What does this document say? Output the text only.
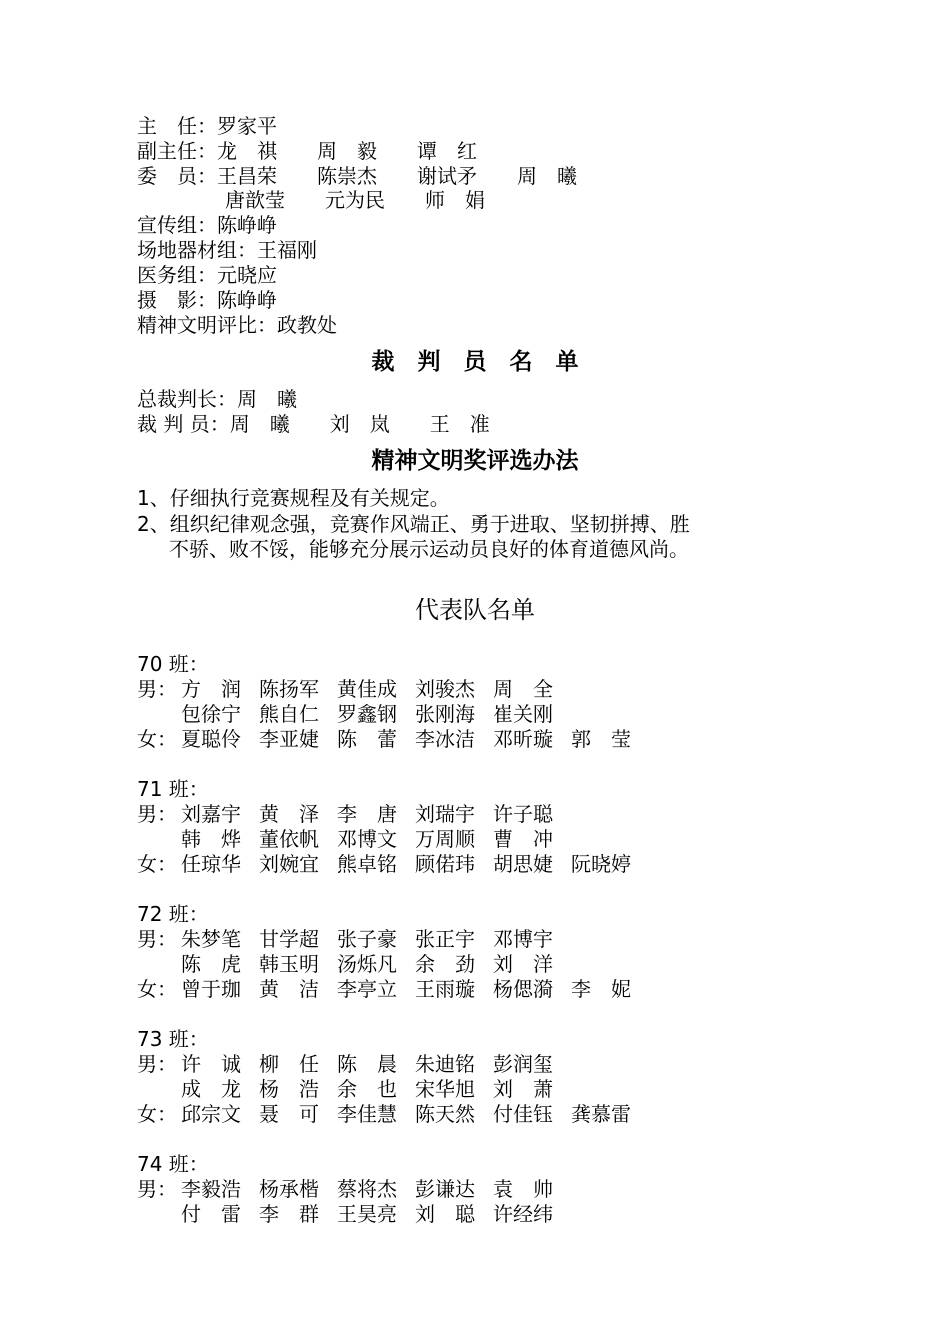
主　任：罗家平
副主任：龙　祺　　周　毅　　谭　红
委　员：王昌荣　　陈崇杰　　谢试矛　　周　曦
唐歆莹　　元为民　　师　娟
宣传组：陈峥峥
场地器材组：王福刚
医务组：元晓应
摄　影：陈峥峥
精神文明评比：政教处
裁　判　员　名　单
总裁判长：周　曦
裁 判 员：周　曦　　刘　岚　　王　准
精神文明奖评选办法
1、仔细执行竞赛规程及有关规定。
2、组织纪律观念强，竞赛作风端正、勇于进取、坚韧拼搏、胜
不骄、败不馁，能够充分展示运动员良好的体育道德风尚。
代表队名单
70 班：
男： 方　润 陈扬军 黄佳成 刘骏杰 周　全
包徐宁 熊自仁 罗鑫钢 张刚海 崔关刚
女： 夏聪伶 李亚婕 陈　蕾 李冰洁 邓昕璇 郭　莹
71 班：
男： 刘嘉宇 黄　泽 李　唐 刘瑞宇 许子聪
韩　烨 董依帆 邓博文 万周顺 曹　冲
女： 任琼华 刘婉宜 熊卓铭 顾偌玮 胡思婕 阮晓婷
72 班：
男： 朱梦笔 甘学超 张子豪 张正宇 邓博宇
陈　虎 韩玉明 汤烁凡 余　劲 刘　洋
女： 曾于珈 黄　洁 李亭立 王雨璇 杨偲漪 李　妮
73 班：
男： 许　诚 柳　任 陈　晨 朱迪铭 彭润玺
成　龙 杨　浩 余　也 宋华旭 刘　萧
女： 邱宗文 聂　可 李佳慧 陈天然 付佳钰 龚慕雷
74 班：
男： 李毅浩 杨承楷 蔡将杰 彭谦达 袁　帅
付　雷 李　群 王昊亮 刘　聪 许经纬
